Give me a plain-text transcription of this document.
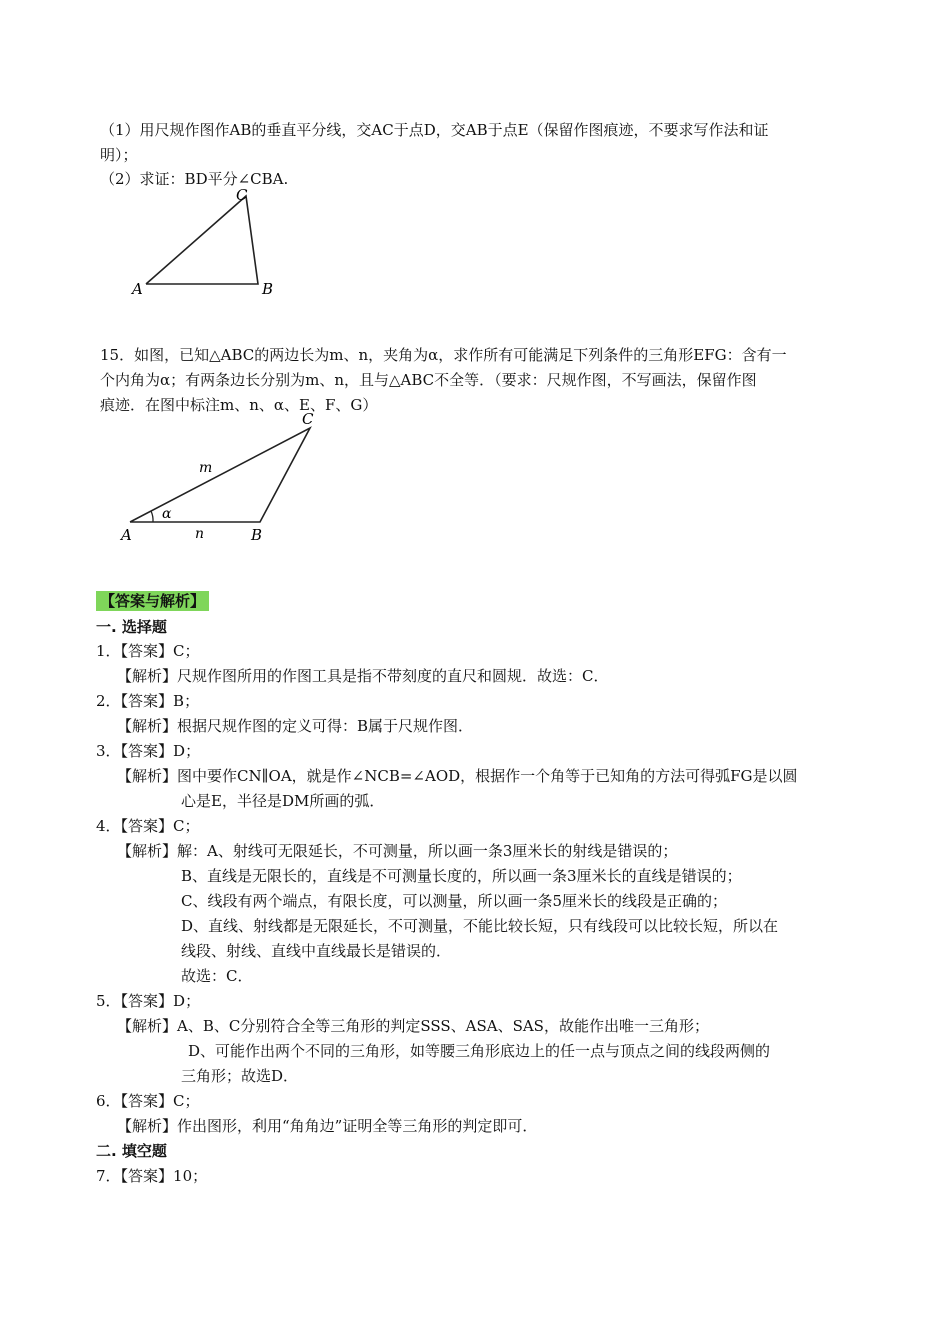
（1）用尺规作图作AB的垂直平分线，交AC于点D，交AB于点E（保留作图痕迹，不要求写作法和证
明）；
（2）求证：BD平分∠CBA.
A	B
C
15．如图，已知△ABC的两边长为m、n，夹角为α，求作所有可能满足下列条件的三角形EFG：含有一
个内角为α；有两条边长分别为m、n，且与△ABC不全等．（要求：尺规作图，不写画法，保留作图
痕迹．在图中标注m、n、α、E、F、G）
A	B
C
m
n
α
【答案与解析】
一. 选择题
1．【答案】C；
【解析】尺规作图所用的作图工具是指不带刻度的直尺和圆规．故选：C．
2．【答案】B；
【解析】根据尺规作图的定义可得：B属于尺规作图．
3．【答案】D；
【解析】图中要作CN∥OA，就是作∠NCB=∠AOD，根据作一个角等于已知角的方法可得弧FG是以圆
心是E，半径是DM所画的弧．
4．【答案】C；
【解析】解：A、射线可无限延长，不可测量，所以画一条3厘米长的射线是错误的；
B、直线是无限长的，直线是不可测量长度的，所以画一条3厘米长的直线是错误的；
C、线段有两个端点，有限长度，可以测量，所以画一条5厘米长的线段是正确的；
D、直线、射线都是无限延长，不可测量，不能比较长短，只有线段可以比较长短，所以在
线段、射线、直线中直线最长是错误的．
故选：C．
5．【答案】D；
【解析】A、B、C分别符合全等三角形的判定SSS、ASA、SAS，故能作出唯一三角形；
D、可能作出两个不同的三角形，如等腰三角形底边上的任一点与顶点之间的线段两侧的
三角形；故选D．
6．【答案】C；
【解析】作出图形，利用“角角边”证明全等三角形的判定即可．
二. 填空题
7．【答案】10；
